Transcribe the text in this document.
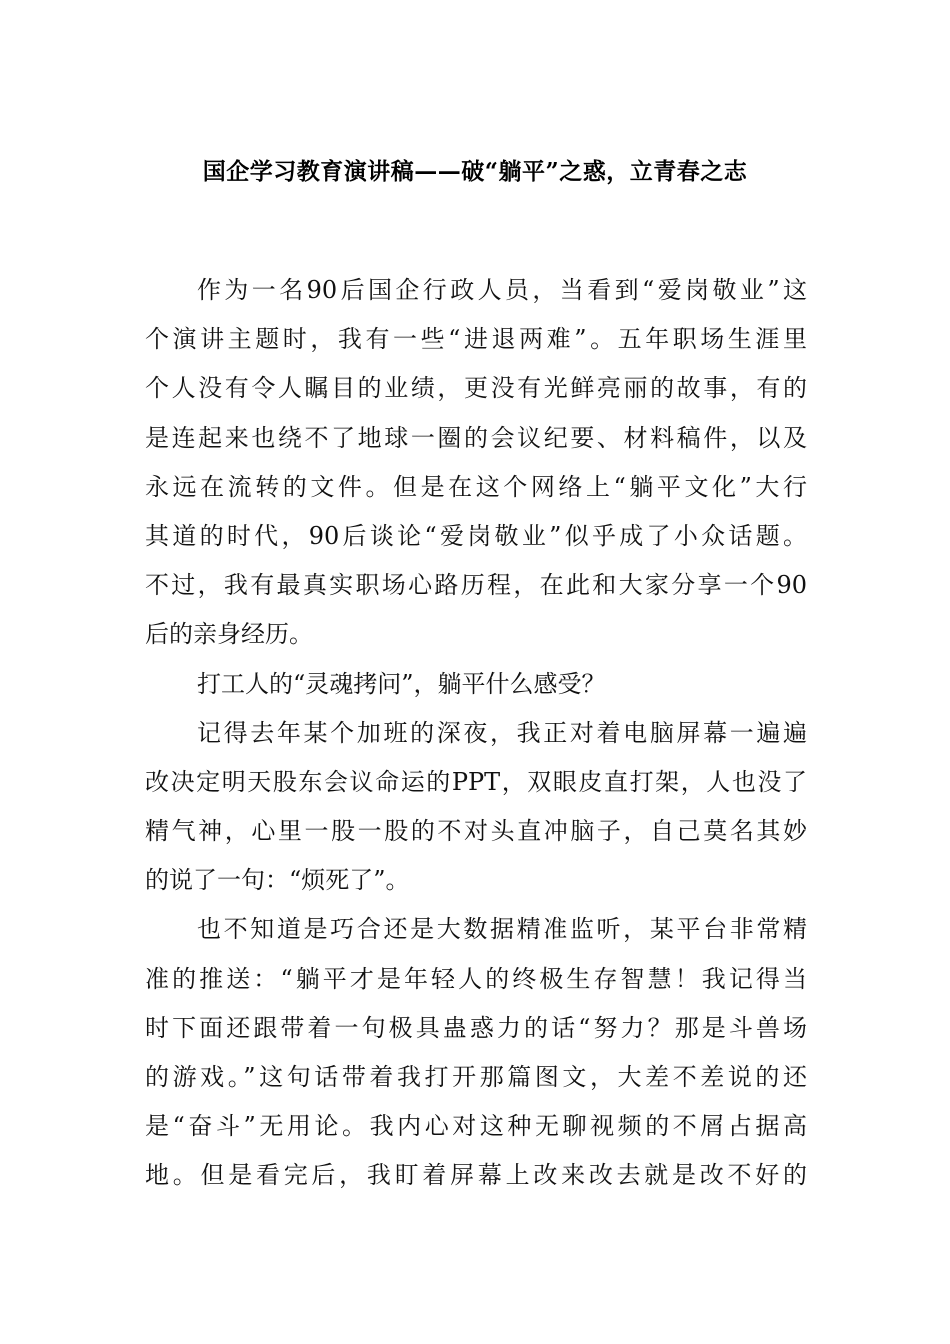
国企学习教育演讲稿——破“躺平”之惑，立青春之志
作为一名90后国企行政人员，当看到“爱岗敬业”这
个演讲主题时，我有一些“进退两难”。五年职场生涯里
个人没有令人瞩目的业绩，更没有光鲜亮丽的故事，有的
是连起来也绕不了地球一圈的会议纪要、材料稿件，以及
永远在流转的文件。但是在这个网络上“躺平文化”大行
其道的时代，90后谈论“爱岗敬业”似乎成了小众话题。
不过，我有最真实职场心路历程，在此和大家分享一个90
后的亲身经历。
打工人的“灵魂拷问”，躺平什么感受？
记得去年某个加班的深夜，我正对着电脑屏幕一遍遍
改决定明天股东会议命运的PPT，双眼皮直打架，人也没了
精气神，心里一股一股的不对头直冲脑子，自己莫名其妙
的说了一句：“烦死了”。
也不知道是巧合还是大数据精准监听，某平台非常精
准的推送：“躺平才是年轻人的终极生存智慧！我记得当
时下面还跟带着一句极具蛊惑力的话“努力？那是斗兽场
的游戏。”这句话带着我打开那篇图文，大差不差说的还
是“奋斗”无用论。我内心对这种无聊视频的不屑占据高
地。但是看完后，我盯着屏幕上改来改去就是改不好的
